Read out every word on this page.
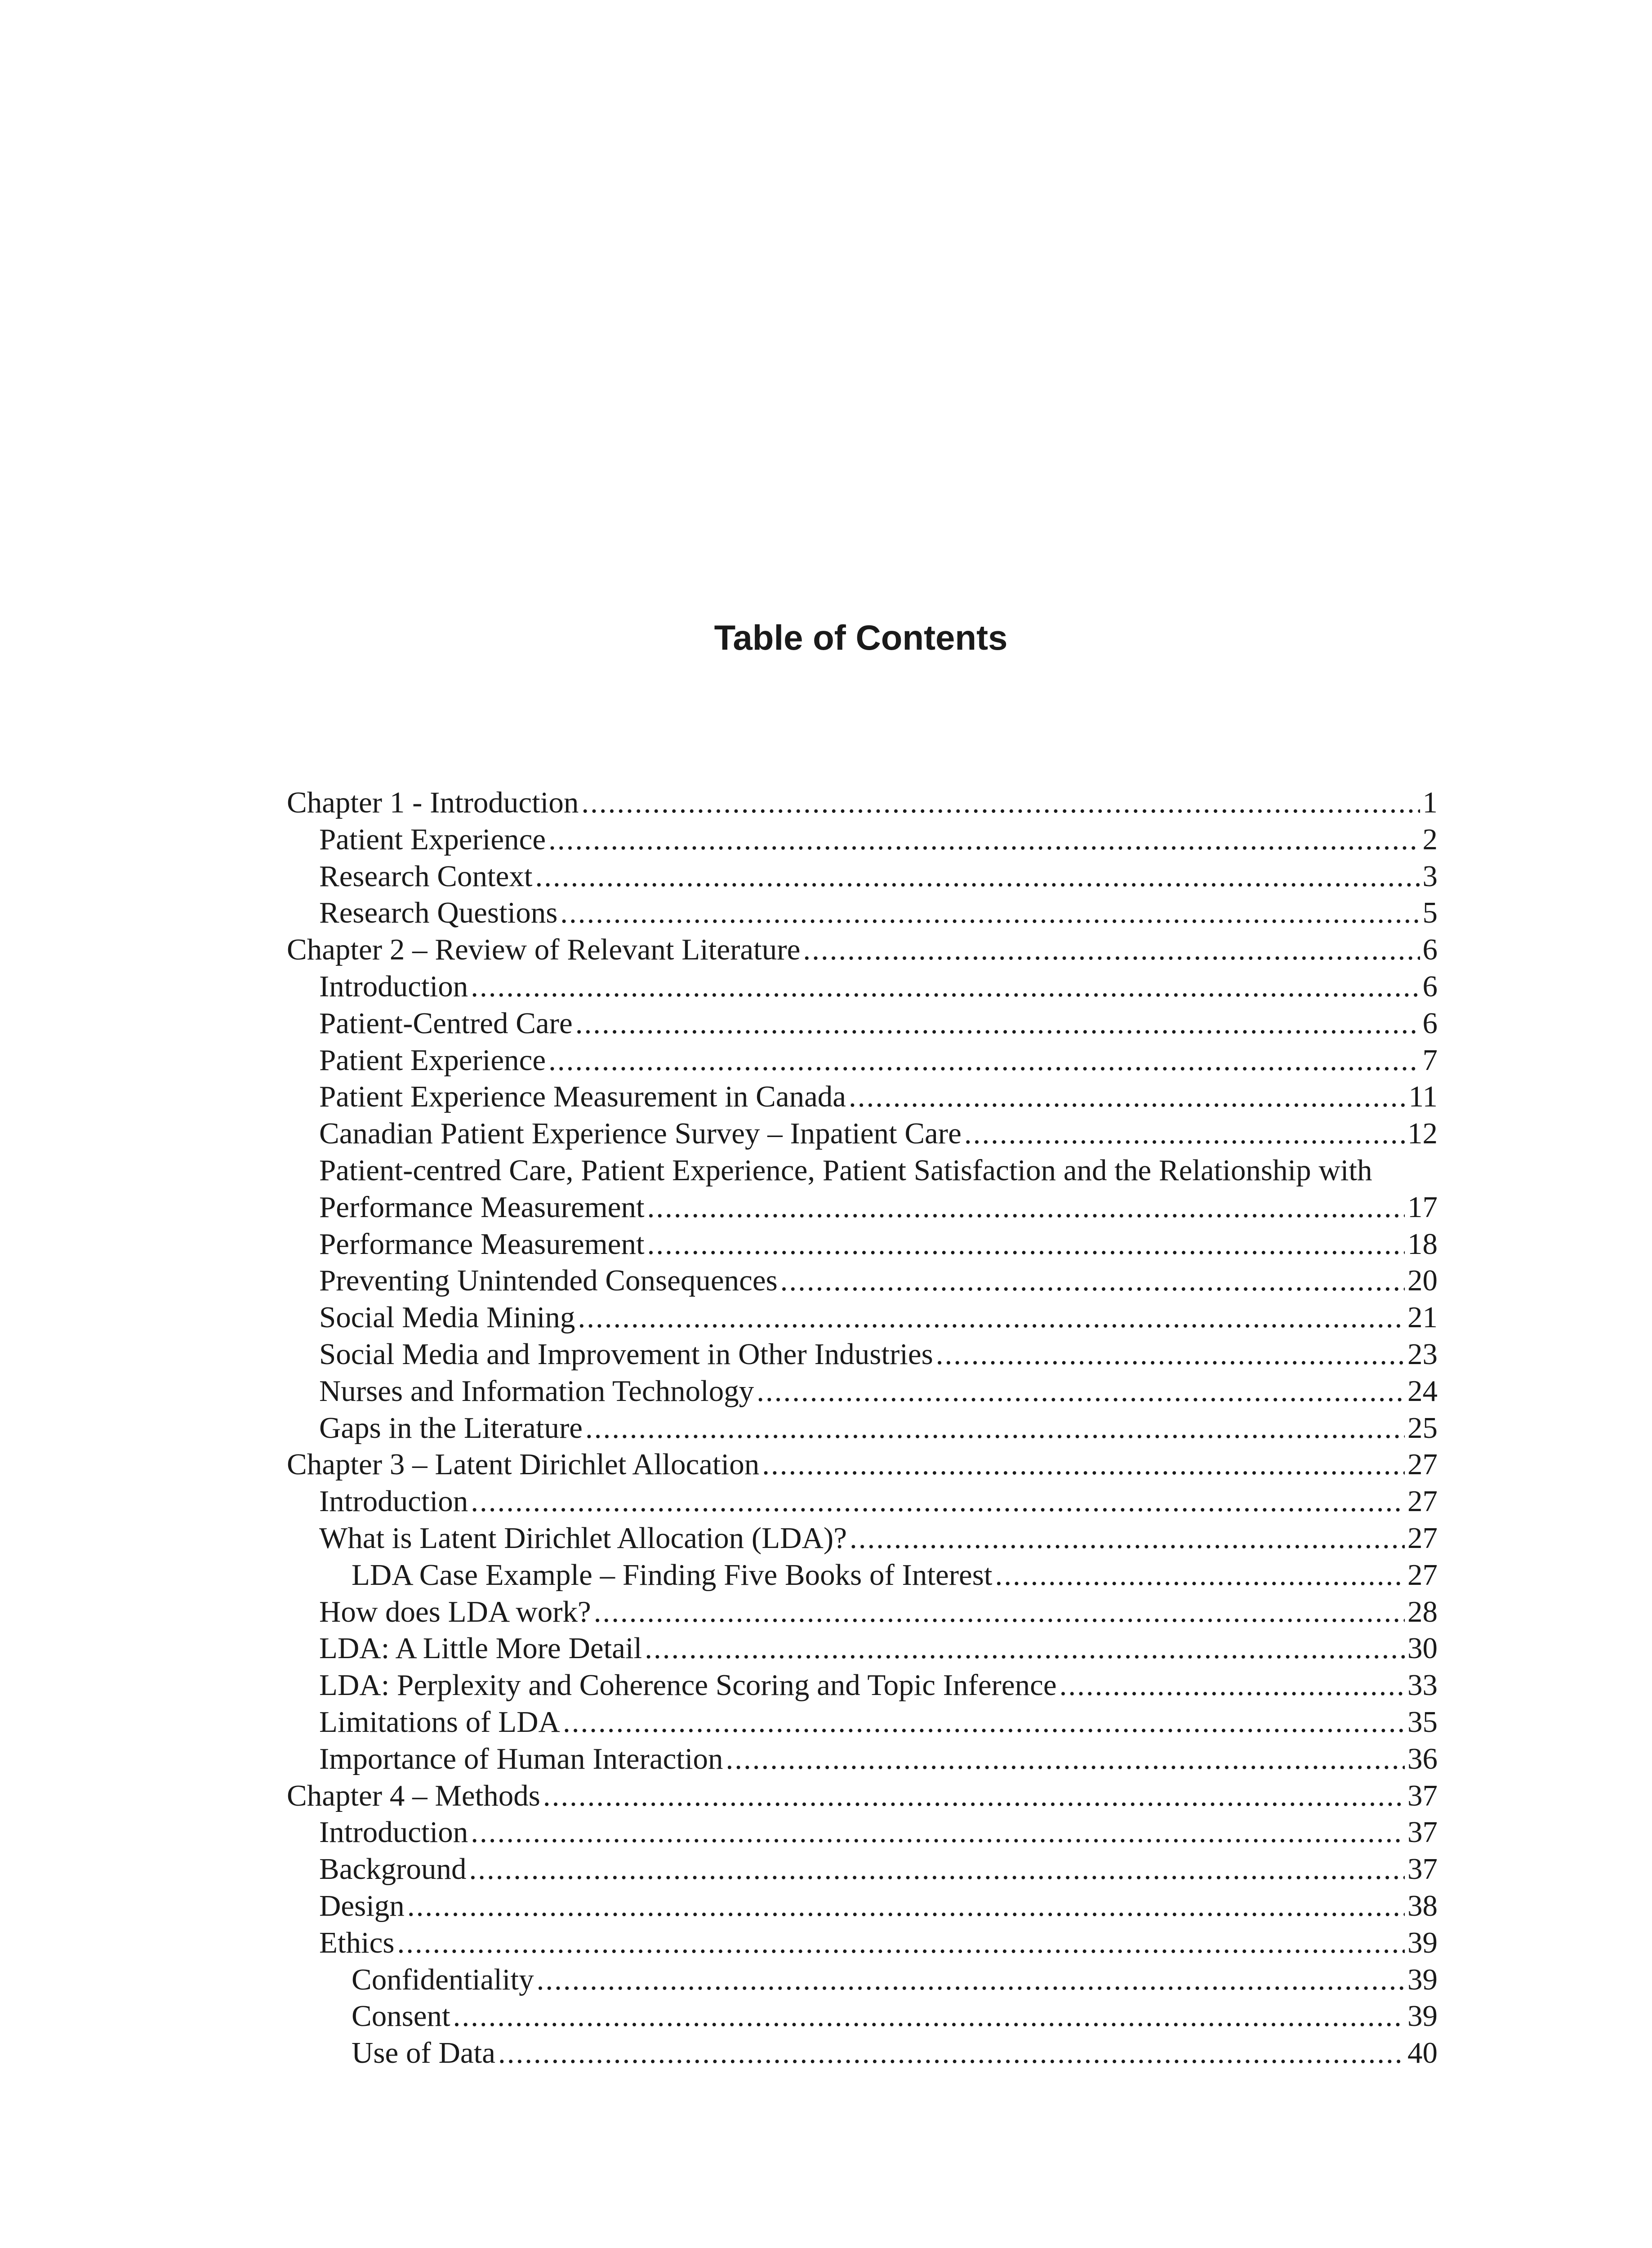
Table of Contents
Chapter 1 - Introduction .....	1
Patient Experience .....	2
Research Context .....	3
Research Questions .....	5
Chapter 2 – Review of Relevant Literature .....	6
Introduction .....	6
Patient-Centred Care .....	6
Patient Experience .....	7
Patient Experience Measurement in Canada .....	11
Canadian Patient Experience Survey – Inpatient Care .....	12
Patient-centred Care, Patient Experience, Patient Satisfaction and the Relationship with
Performance Measurement .....	17
Performance Measurement .....	18
Preventing Unintended Consequences .....	20
Social Media Mining .....	21
Social Media and Improvement in Other Industries .....	23
Nurses and Information Technology .....	24
Gaps in the Literature .....	25
Chapter 3 – Latent Dirichlet Allocation .....	27
Introduction .....	27
What is Latent Dirichlet Allocation (LDA)? .....	27
LDA Case Example – Finding Five Books of Interest .....	27
How does LDA work? .....	28
LDA: A Little More Detail .....	30
LDA: Perplexity and Coherence Scoring and Topic Inference .....	33
Limitations of LDA .....	35
Importance of Human Interaction .....	36
Chapter 4 – Methods .....	37
Introduction .....	37
Background .....	37
Design .....	38
Ethics .....	39
Confidentiality .....	39
Consent .....	39
Use of Data .....	40
